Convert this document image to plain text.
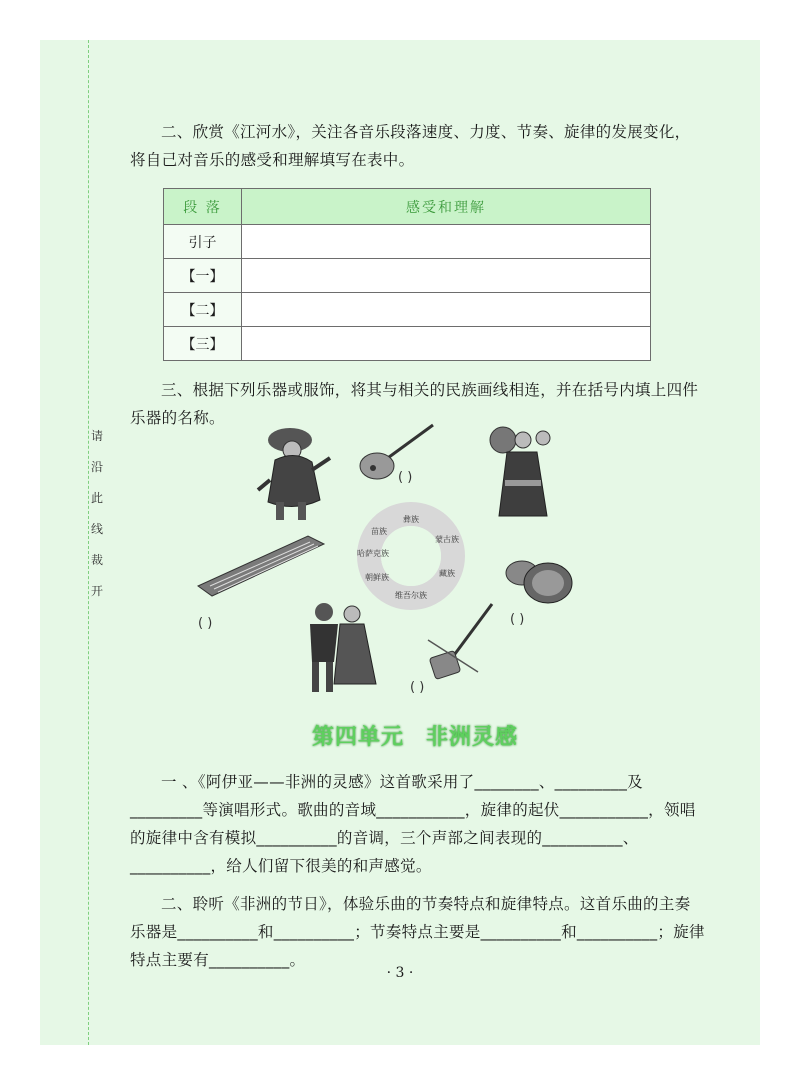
请
沿
此
线
裁
开

二、欣赏《江河水》，关注各音乐段落速度、力度、节奏、旋律的发展变化，将自己对音乐的感受和理解填写在表中。

段 落	感受和理解
引子	
【一】	
【二】	
【三】	

三、根据下列乐器或服饰，将其与相关的民族画线相连，并在括号内填上四件乐器的名称。

( )
( )
彝族
蒙古族
藏族
维吾尔族
朝鲜族
哈萨克族
苗族
( )
( )
第四单元 非洲灵感

一 、《阿伊亚——非洲的灵感》这首歌采用了________、_________及_________等演唱形式。歌曲的音域___________，旋律的起伏___________，领唱的旋律中含有模拟__________的音调，三个声部之间表现的__________、__________，给人们留下很美的和声感觉。

二、聆听《非洲的节日》，体验乐曲的节奏特点和旋律特点。这首乐曲的主奏乐器是__________和__________；节奏特点主要是__________和__________；旋律特点主要有__________。

· 3 ·
